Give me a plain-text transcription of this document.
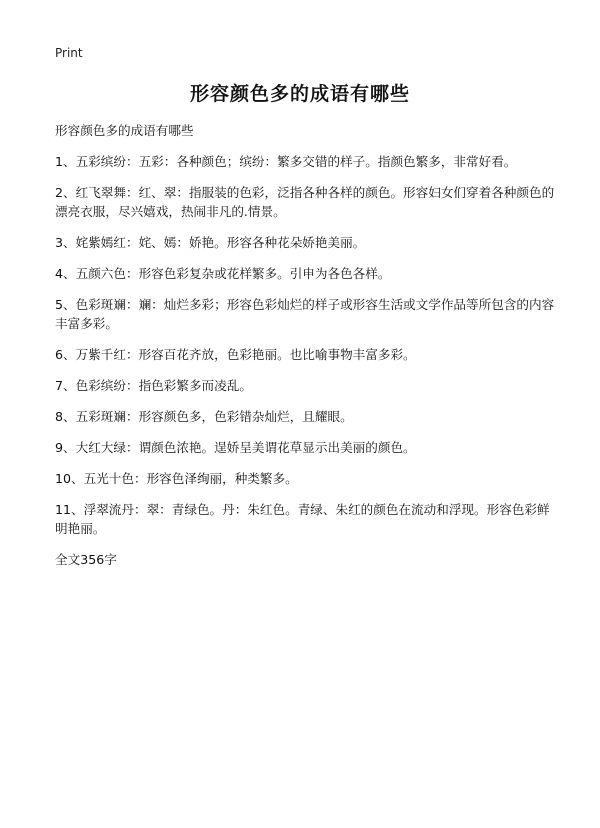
Print
形容颜色多的成语有哪些

形容颜色多的成语有哪些

1、五彩缤纷：五彩：各种颜色；缤纷：繁多交错的样子。指颜色繁多，非常好看。

2、红飞翠舞：红、翠：指服装的色彩，泛指各种各样的颜色。形容妇女们穿着各种颜色的漂亮衣服，尽兴嬉戏，热闹非凡的.情景。

3、姹紫嫣红：姹、嫣：娇艳。形容各种花朵娇艳美丽。

4、五颜六色：形容色彩复杂或花样繁多。引申为各色各样。

5、色彩斑斓：斓：灿烂多彩；形容色彩灿烂的样子或形容生活或文学作品等所包含的内容丰富多彩。

6、万紫千红：形容百花齐放，色彩艳丽。也比喻事物丰富多彩。

7、色彩缤纷：指色彩繁多而凌乱。

8、五彩斑斓：形容颜色多，色彩错杂灿烂，且耀眼。

9、大红大绿：谓颜色浓艳。逞娇呈美谓花草显示出美丽的颜色。

10、五光十色：形容色泽绚丽，种类繁多。

11、浮翠流丹：翠：青绿色。丹：朱红色。青绿、朱红的颜色在流动和浮现。形容色彩鲜明艳丽。

全文356字
